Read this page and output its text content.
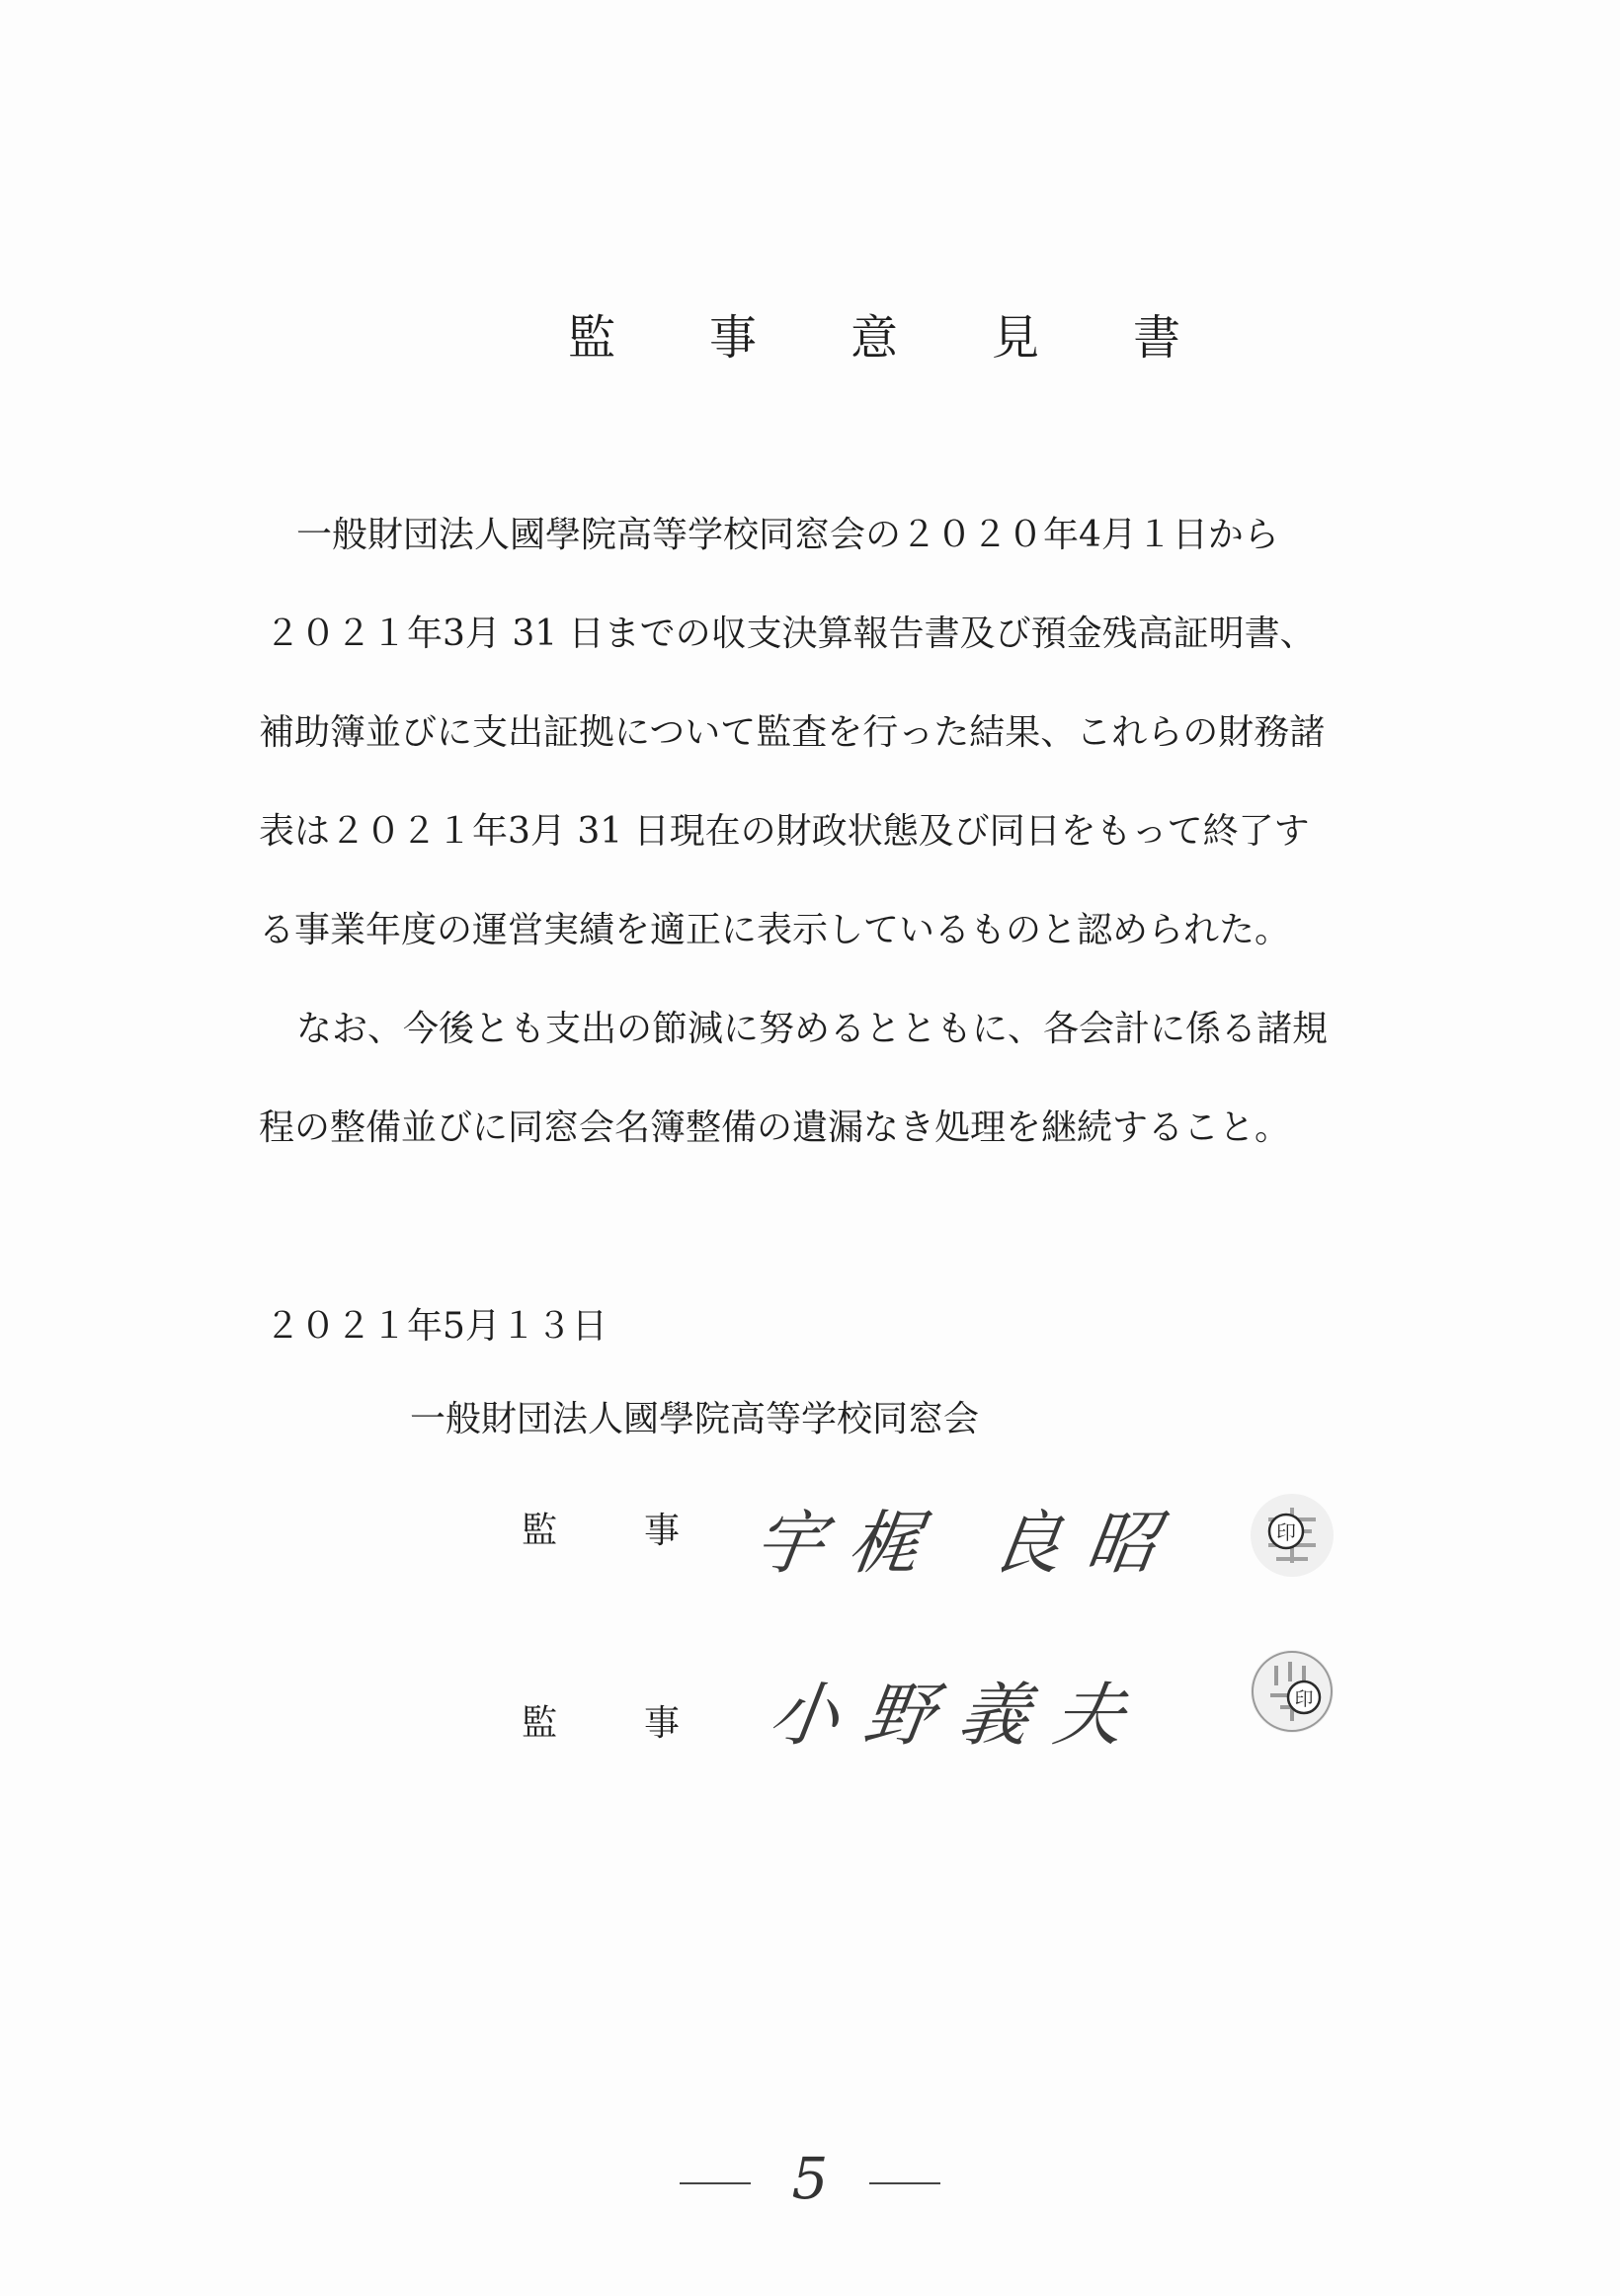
監 事 意 見 書
一般財団法人國學院高等学校同窓会の２０２０年4月１日から
２０２１年3月 31 日までの収支決算報告書及び預金残高証明書、
補助簿並びに支出証拠について監査を行った結果、これらの財務諸
表は２０２１年3月 31 日現在の財政状態及び同日をもって終了す
る事業年度の運営実績を適正に表示しているものと認められた。
なお、今後とも支出の節減に努めるとともに、各会計に係る諸規
程の整備並びに同窓会名簿整備の遺漏なき処理を継続すること。
２０２１年5月１３日
一般財団法人國學院高等学校同窓会
監 事 宇梶 良昭	印
監 事 小野義夫	印
5
